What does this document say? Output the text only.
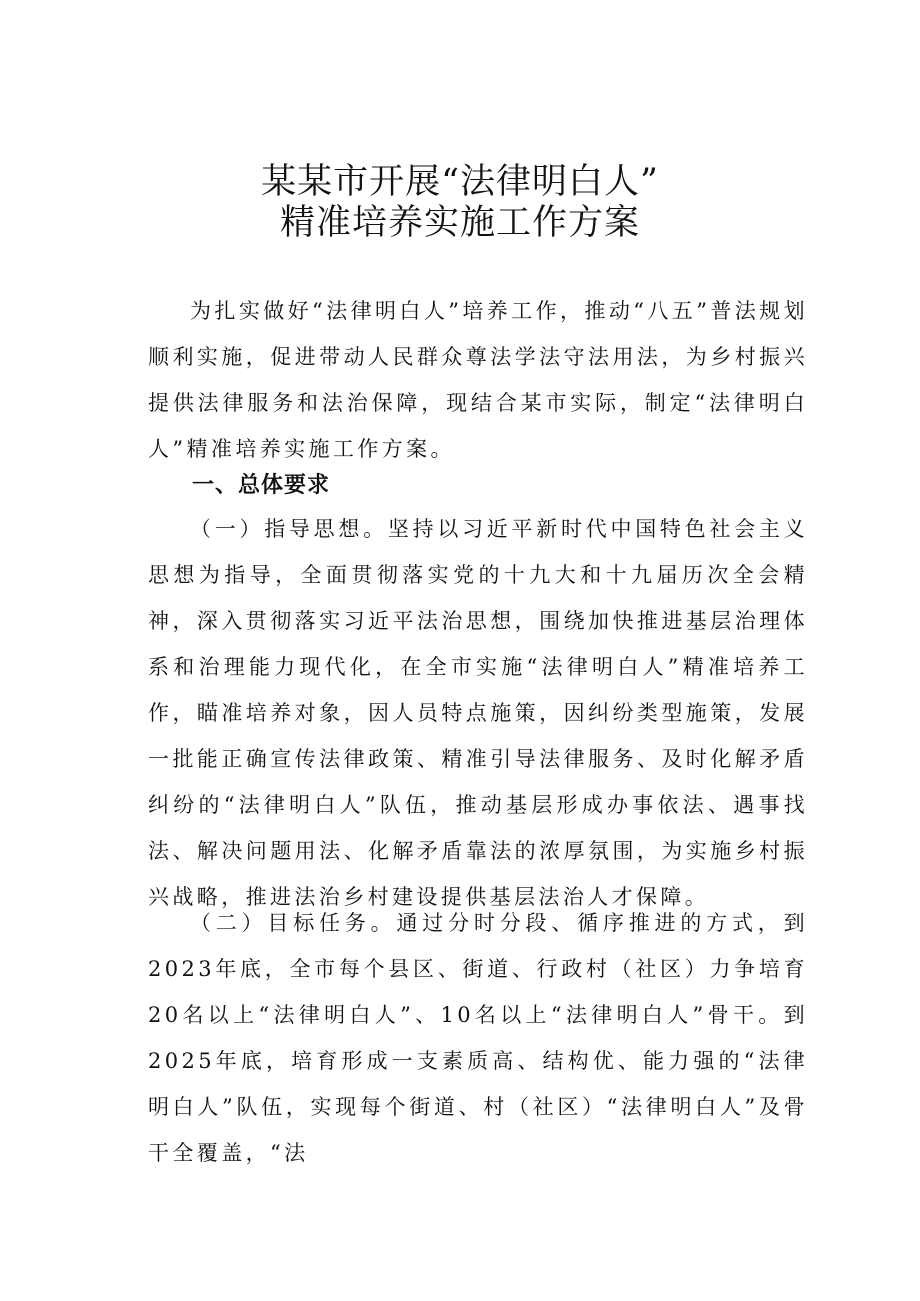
某某市开展“法律明白人”
精准培养实施工作方案
为扎实做好“法律明白人”培养工作，推动“八五”普法规划顺利实施，促进带动人民群众尊法学法守法用法，为乡村振兴提供法律服务和法治保障，现结合某市实际，制定“法律明白人”精准培养实施工作方案。
一、总体要求
（一）指导思想。坚持以习近平新时代中国特色社会主义思想为指导，全面贯彻落实党的十九大和十九届历次全会精神，深入贯彻落实习近平法治思想，围绕加快推进基层治理体系和治理能力现代化，在全市实施“法律明白人”精准培养工作，瞄准培养对象，因人员特点施策，因纠纷类型施策，发展一批能正确宣传法律政策、精准引导法律服务、及时化解矛盾纠纷的“法律明白人”队伍，推动基层形成办事依法、遇事找法、解决问题用法、化解矛盾靠法的浓厚氛围，为实施乡村振兴战略，推进法治乡村建设提供基层法治人才保障。
（二）目标任务。通过分时分段、循序推进的方式，到2023年底，全市每个县区、街道、行政村（社区）力争培育20名以上“法律明白人”、10名以上“法律明白人”骨干。到2025年底，培育形成一支素质高、结构优、能力强的“法律明白人”队伍，实现每个街道、村（社区）“法律明白人”及骨干全覆盖，“法
